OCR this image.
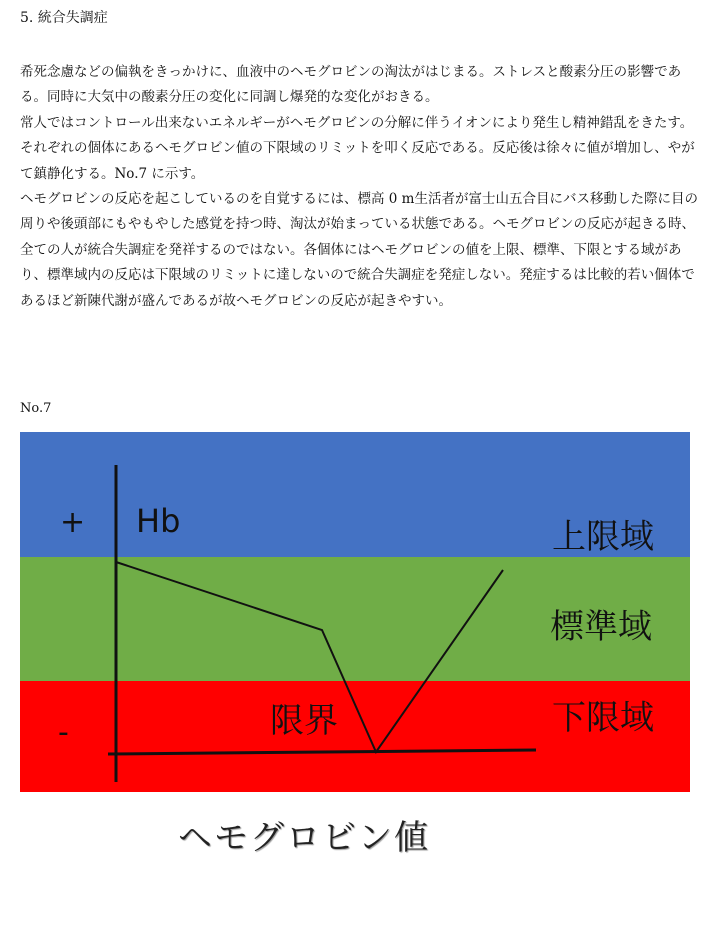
5. 統合失調症

希死念慮などの偏執をきっかけに、血液中のヘモグロビンの淘汰がはじまる。ストレスと酸素分圧の影響である。同時に大気中の酸素分圧の変化に同調し爆発的な変化がおきる。

常人ではコントロール出来ないエネルギーがヘモグロビンの分解に伴うイオンにより発生し精神錯乱をきたす。それぞれの個体にあるヘモグロビン値の下限域のリミットを叩く反応である。反応後は徐々に値が増加し、やがて鎮静化する。No.7 に示す。

ヘモグロビンの反応を起こしているのを自覚するには、標高 0 m生活者が富士山五合目にバス移動した際に目の周りや後頭部にもやもやした感覚を持つ時、淘汰が始まっている状態である。ヘモグロビンの反応が起きる時、全ての人が統合失調症を発祥するのではない。各個体にはヘモグロビンの値を上限、標準、下限とする域があり、標準域内の反応は下限域のリミットに達しないので統合失調症を発症しない。発症するは比較的若い個体であるほど新陳代謝が盛んであるが故ヘモグロビンの反応が起きやすい。

No.7
+
-
Hb	上限域
標準域
下限域
限界
ヘモグロビン値
